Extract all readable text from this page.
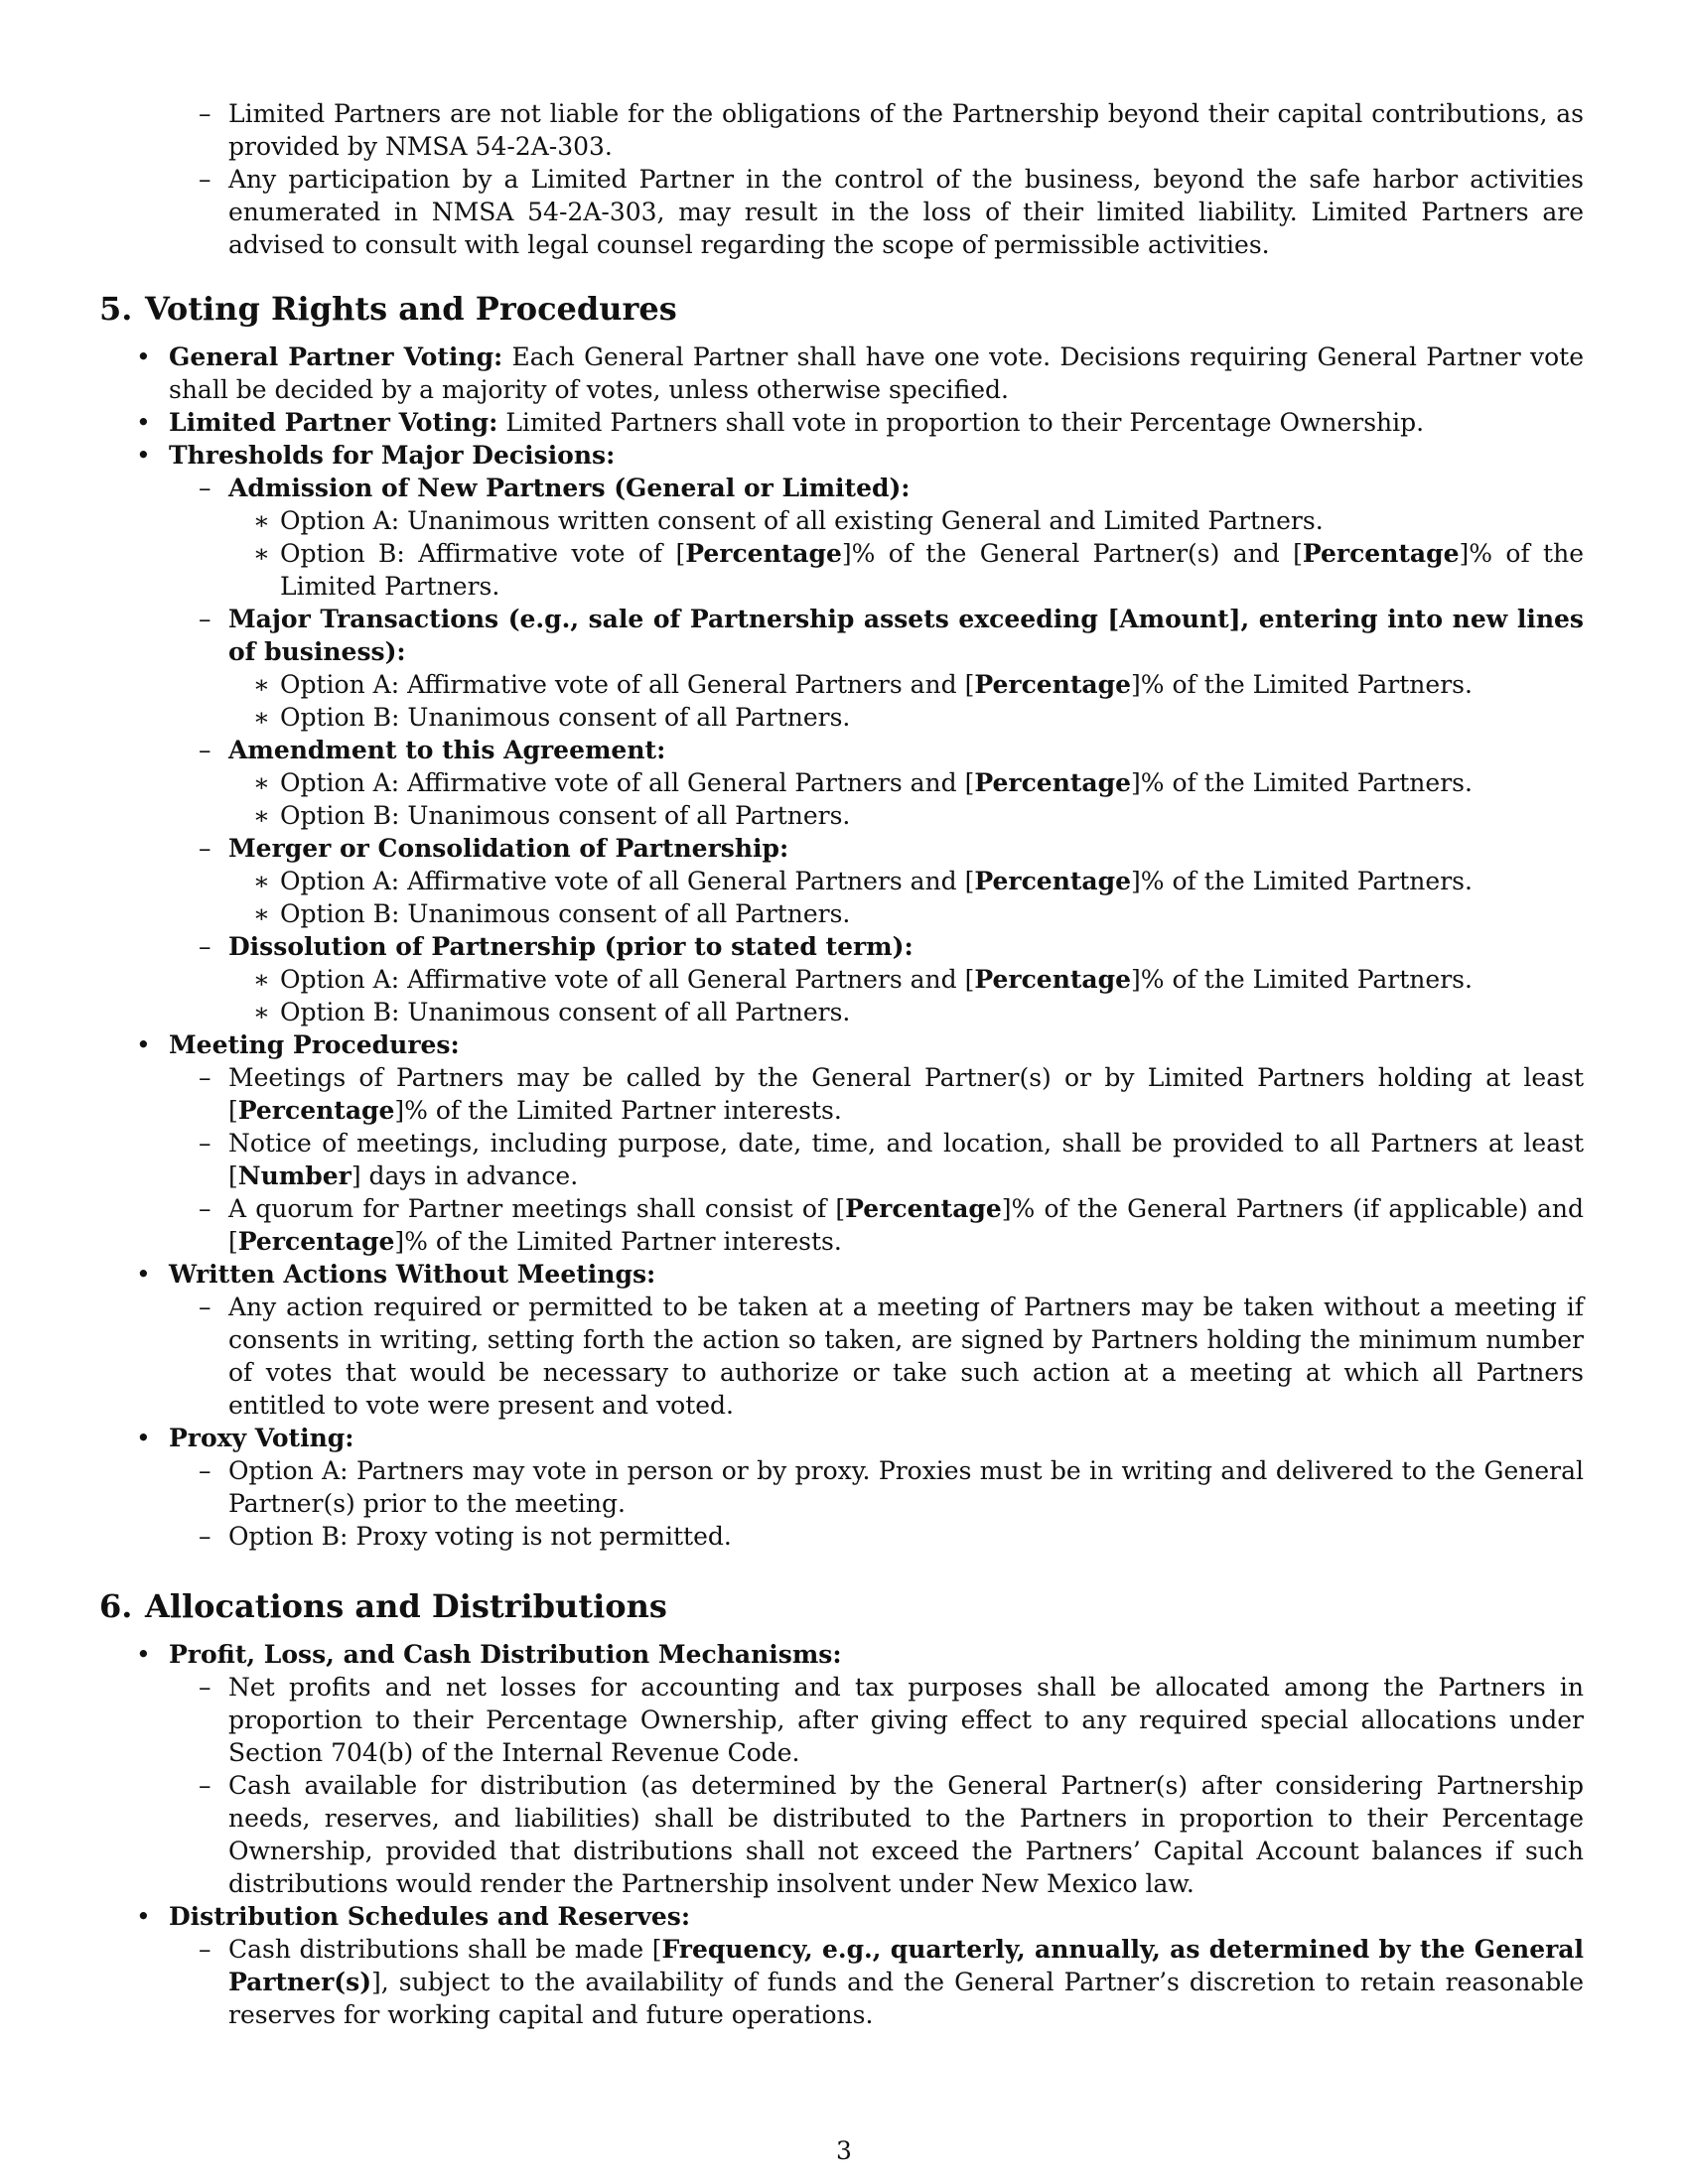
– Limited Partners are not liable for the obligations of the Partnership beyond their capital contributions, as provided by NMSA 54-2A-303.
– Any participation by a Limited Partner in the control of the business, beyond the safe harbor activities enumerated in NMSA 54-2A-303, may result in the loss of their limited liability. Limited Partners are advised to consult with legal counsel regarding the scope of permissible activities.
5. Voting Rights and Procedures
• General Partner Voting: Each General Partner shall have one vote. Decisions requiring General Partner vote shall be decided by a majority of votes, unless otherwise specified.
• Limited Partner Voting: Limited Partners shall vote in proportion to their Percentage Ownership.
• Thresholds for Major Decisions:
– Admission of New Partners (General or Limited):
∗ Option A: Unanimous written consent of all existing General and Limited Partners.
∗ Option B: Affirmative vote of [Percentage]% of the General Partner(s) and [Percentage]% of the Limited Partners.
– Major Transactions (e.g., sale of Partnership assets exceeding [Amount], entering into new lines of business):
∗ Option A: Affirmative vote of all General Partners and [Percentage]% of the Limited Partners.
∗ Option B: Unanimous consent of all Partners.
– Amendment to this Agreement:
∗ Option A: Affirmative vote of all General Partners and [Percentage]% of the Limited Partners.
∗ Option B: Unanimous consent of all Partners.
– Merger or Consolidation of Partnership:
∗ Option A: Affirmative vote of all General Partners and [Percentage]% of the Limited Partners.
∗ Option B: Unanimous consent of all Partners.
– Dissolution of Partnership (prior to stated term):
∗ Option A: Affirmative vote of all General Partners and [Percentage]% of the Limited Partners.
∗ Option B: Unanimous consent of all Partners.
• Meeting Procedures:
– Meetings of Partners may be called by the General Partner(s) or by Limited Partners holding at least [Percentage]% of the Limited Partner interests.
– Notice of meetings, including purpose, date, time, and location, shall be provided to all Partners at least [Number] days in advance.
– A quorum for Partner meetings shall consist of [Percentage]% of the General Partners (if applicable) and [Percentage]% of the Limited Partner interests.
• Written Actions Without Meetings:
– Any action required or permitted to be taken at a meeting of Partners may be taken without a meeting if consents in writing, setting forth the action so taken, are signed by Partners holding the minimum number of votes that would be necessary to authorize or take such action at a meeting at which all Partners entitled to vote were present and voted.
• Proxy Voting:
– Option A: Partners may vote in person or by proxy. Proxies must be in writing and delivered to the General Partner(s) prior to the meeting.
– Option B: Proxy voting is not permitted.
6. Allocations and Distributions
• Profit, Loss, and Cash Distribution Mechanisms:
– Net profits and net losses for accounting and tax purposes shall be allocated among the Partners in proportion to their Percentage Ownership, after giving effect to any required special allocations under Section 704(b) of the Internal Revenue Code.
– Cash available for distribution (as determined by the General Partner(s) after considering Partnership needs, reserves, and liabilities) shall be distributed to the Partners in proportion to their Percentage Ownership, provided that distributions shall not exceed the Partners’ Capital Account balances if such distributions would render the Partnership insolvent under New Mexico law.
• Distribution Schedules and Reserves:
– Cash distributions shall be made [Frequency, e.g., quarterly, annually, as determined by the General Partner(s)], subject to the availability of funds and the General Partner’s discretion to retain reasonable reserves for working capital and future operations.
3
